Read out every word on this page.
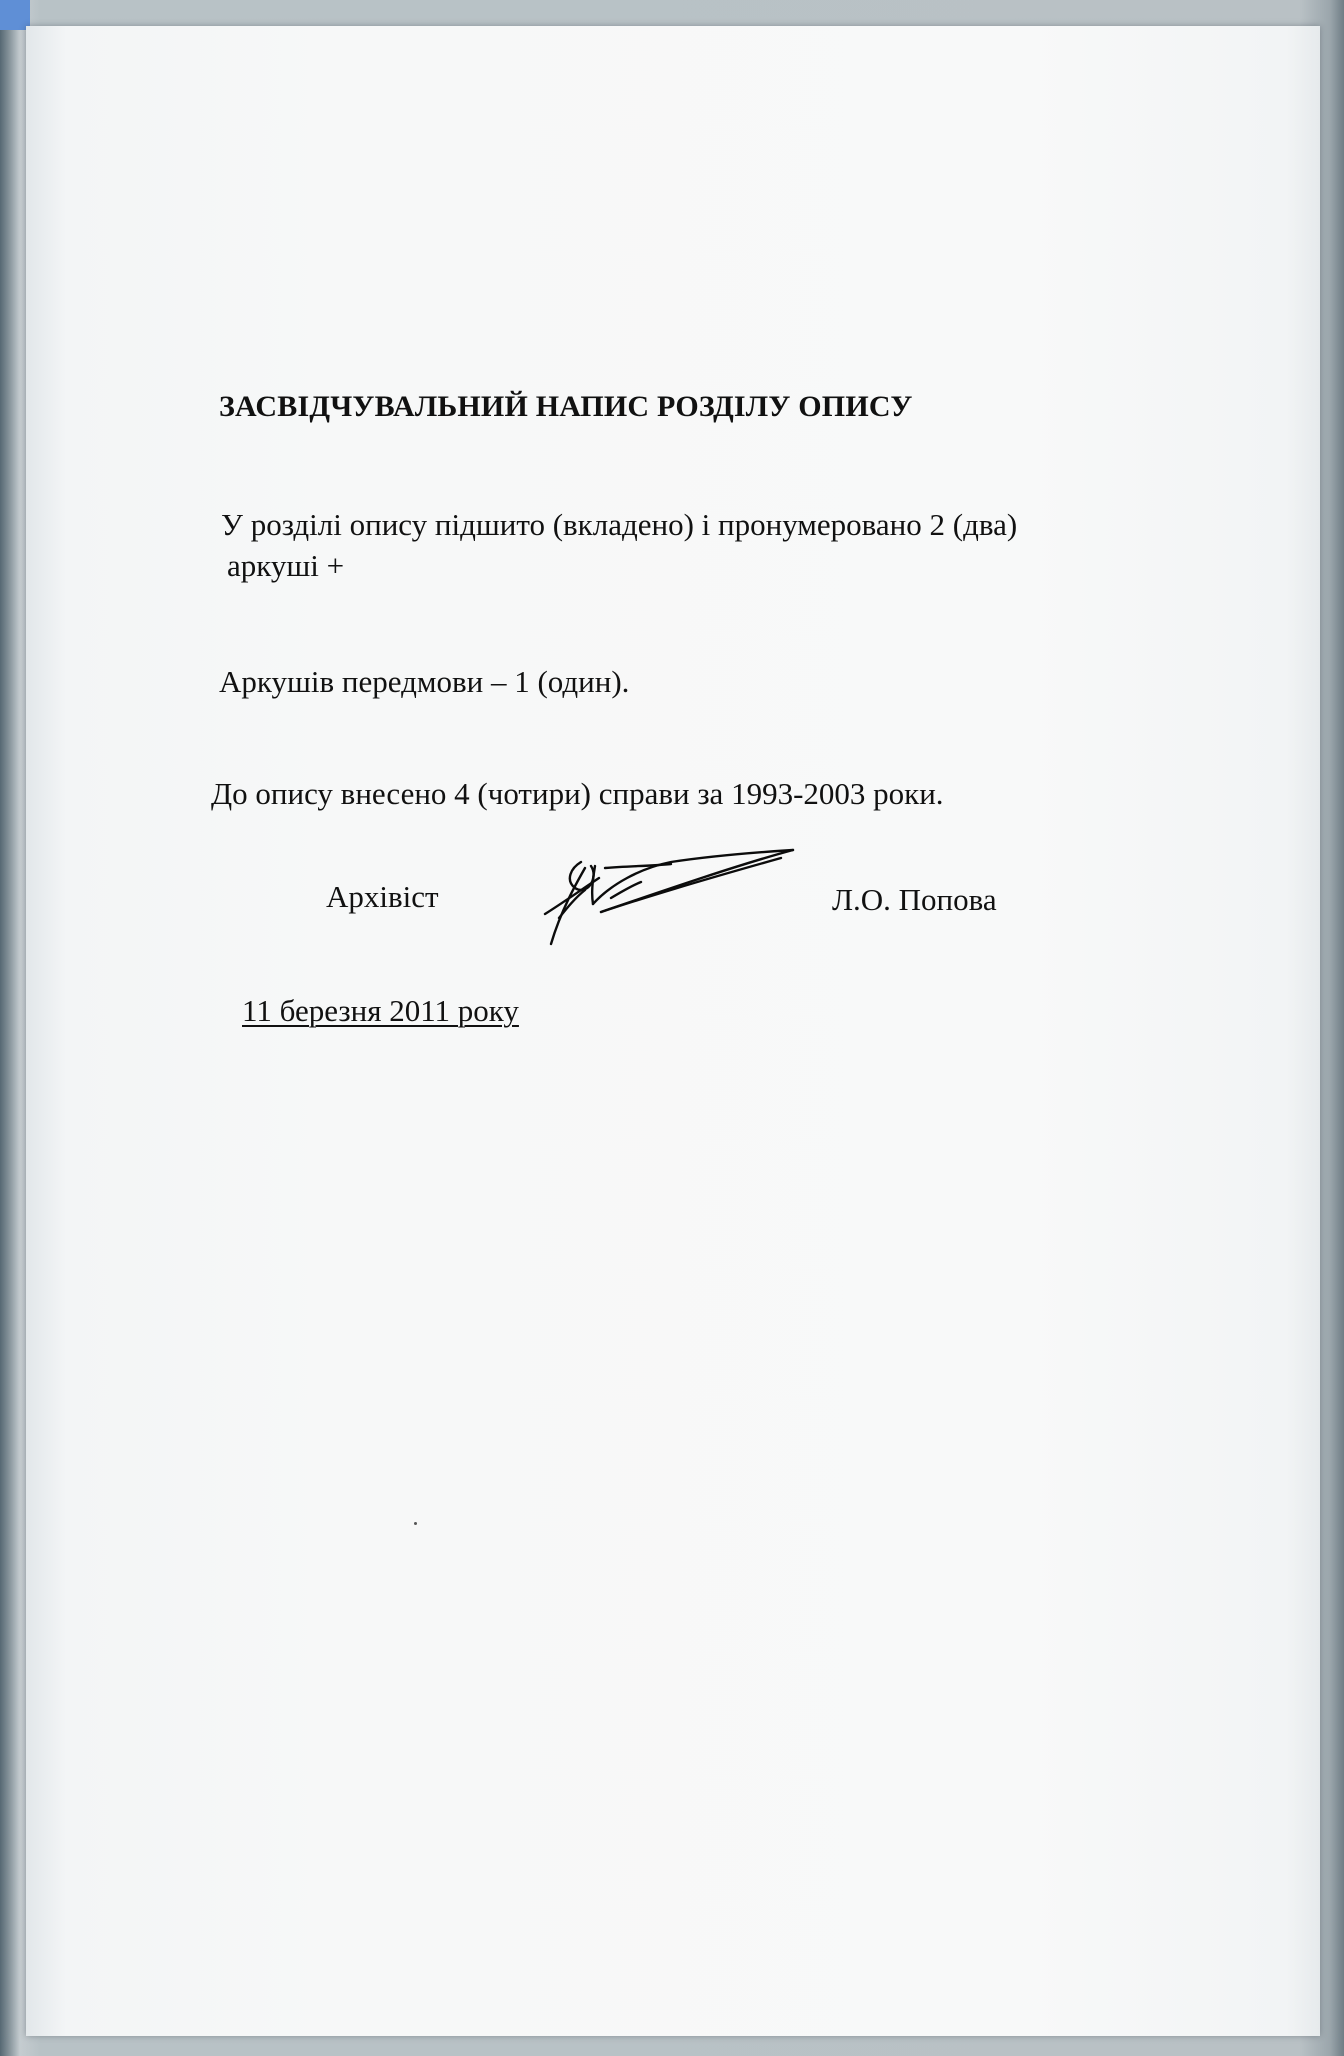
ЗАСВІДЧУВАЛЬНИЙ НАПИС РОЗДІЛУ ОПИСУ
У розділі опису підшито (вкладено) і пронумеровано 2 (два)
аркуші +
Аркушів передмови – 1 (один).
До опису внесено 4 (чотири) справи за 1993-2003 роки.
Архівіст	Л.О. Попова
11 березня 2011 року
